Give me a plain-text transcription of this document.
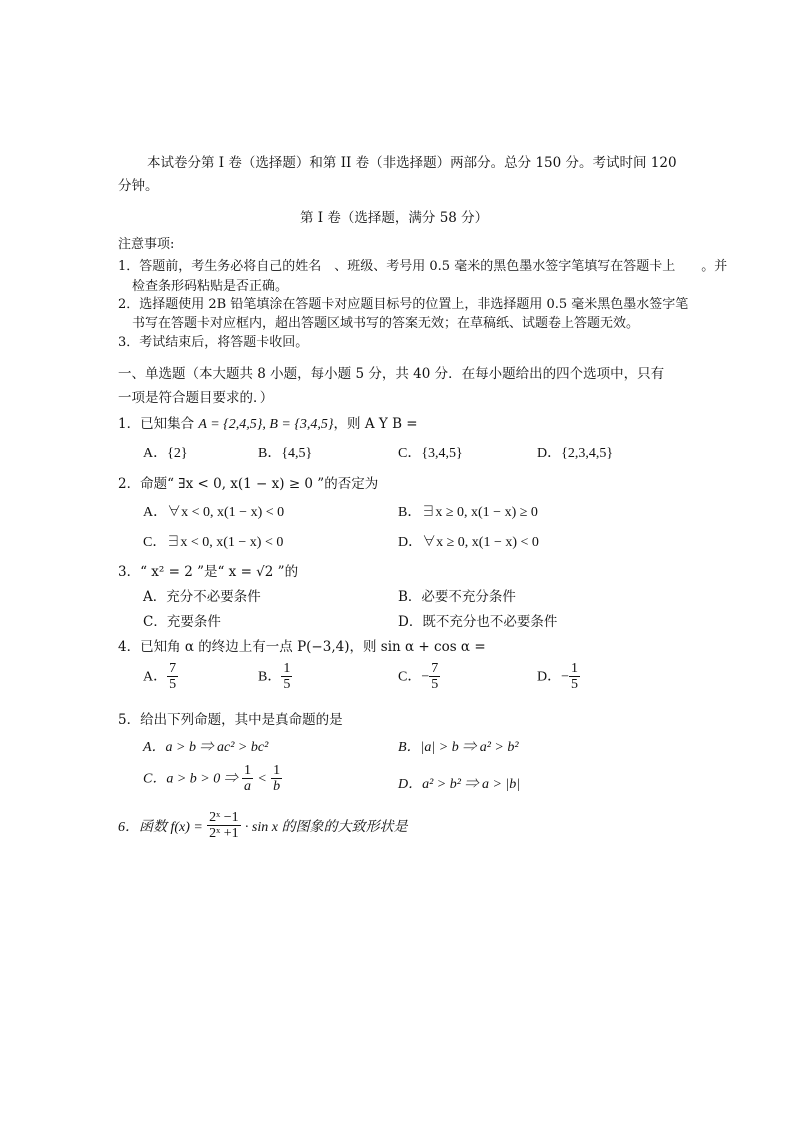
本试卷分第 I 卷（选择题）和第 II 卷（非选择题）两部分。总分 150 分。考试时间 120
分钟。
第 I 卷（选择题，满分 58 分）
注意事项:
1．答题前，考生务必将自己的姓名　、班级、考号用 0.5 毫米的黑色墨水签字笔填写在答题卡上　　。并
检查条形码粘贴是否正确。
2．选择题使用 2B 铅笔填涂在答题卡对应题目标号的位置上，非选择题用 0.5 毫米黑色墨水签字笔
书写在答题卡对应框内，超出答题区域书写的答案无效；在草稿纸、试题卷上答题无效。
3．考试结束后，将答题卡收回。
一、单选题（本大题共 8 小题，每小题 5 分，共 40 分．在每小题给出的四个选项中，只有
一项是符合题目要求的．）
1．已知集合 A = {2,4,5}, B = {3,4,5}，则 A Y B =
A．{2}	B．{4,5}	C．{3,4,5}	D．{2,3,4,5}
2．命题“ ∃x < 0, x(1 − x) ≥ 0 ”的否定为
A．∀x < 0, x(1 − x) < 0	B．∃x ≥ 0, x(1 − x) ≥ 0
C．∃x < 0, x(1 − x) < 0	D．∀x ≥ 0, x(1 − x) < 0
3．“ x² = 2 ”是“ x = √2 ”的
A．充分不必要条件	B．必要不充分条件
C．充要条件	D．既不充分也不必要条件
4．已知角 α 的终边上有一点 P(−3,4)，则 sin α + cos α =
A． $\frac{7}{5}$	B． $\frac{1}{5}$	C．− $\frac{7}{5}$	D．− $\frac{1}{5}$
5．给出下列命题，其中是真命题的是
A．a > b ⇒ ac² > bc²	B．|a| > b ⇒ a² > b²
C．a > b > 0 ⇒ $\frac{1}{a} < \frac{1}{b}$	D．a² > b² ⇒ a > |b|
6．函数 $f(x) = \frac{\text{2ˣ −1}}{\text{2ˣ +1}} \cdot \sin x$ 的图象的大致形状是
